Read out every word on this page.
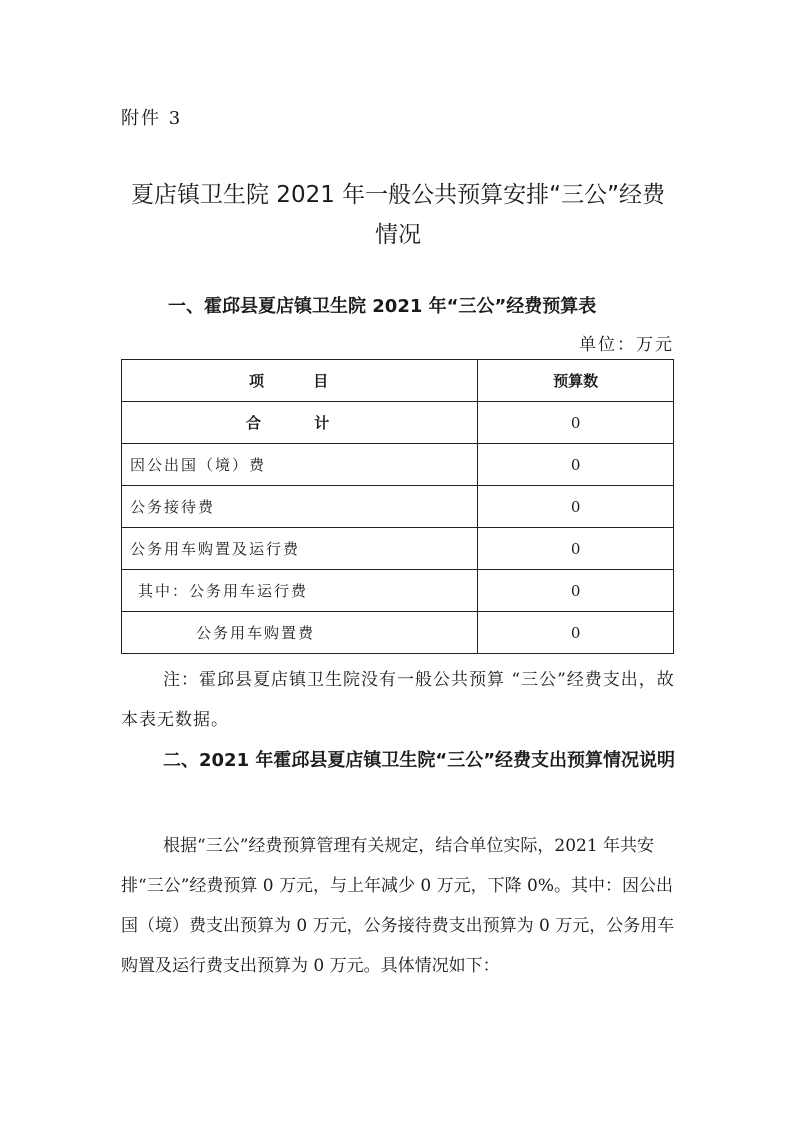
附件 3
夏店镇卫生院 2021 年一般公共预算安排“三公”经费情况
一、霍邱县夏店镇卫生院 2021 年“三公”经费预算表
单位：万元
项 目	预算数
合 计	0
因公出国（境）费	0
公务接待费	0
公务用车购置及运行费	0
其中：公务用车运行费	0
公务用车购置费	0
注：霍邱县夏店镇卫生院没有一般公共预算 “三公”经费支出，故本表无数据。
二、2021 年霍邱县夏店镇卫生院“三公”经费支出预算情况说明
根据“三公”经费预算管理有关规定，结合单位实际，2021 年共安排“三公”经费预算 0 万元，与上年减少 0 万元，下降 0%。其中：因公出国（境）费支出预算为 0 万元，公务接待费支出预算为 0 万元，公务用车购置及运行费支出预算为 0 万元。具体情况如下：
